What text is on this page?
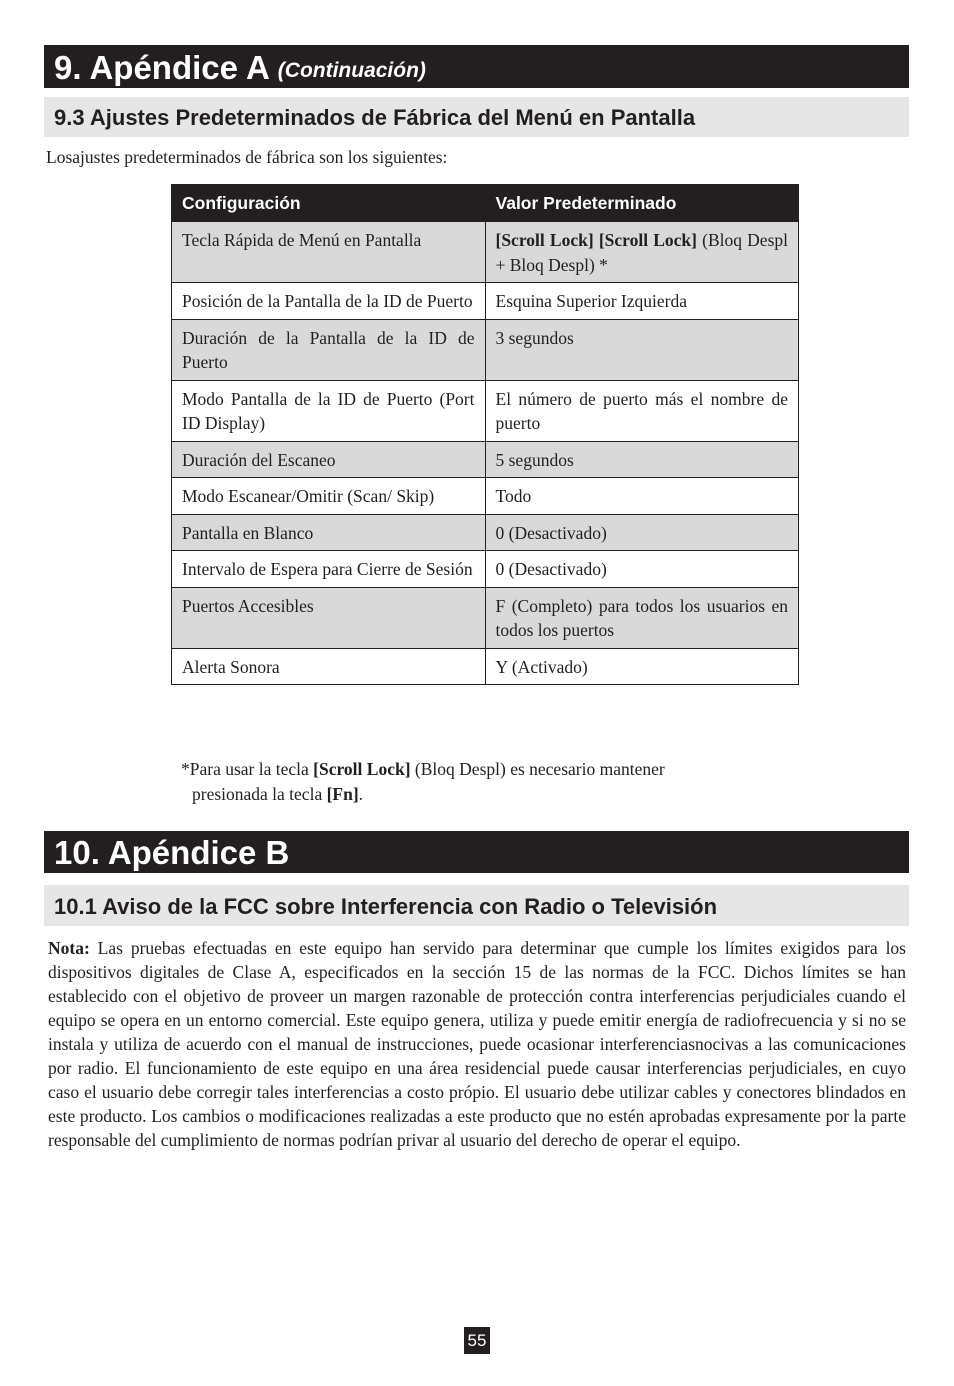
9. Apéndice A (Continuación)
9.3 Ajustes Predeterminados de Fábrica del Menú en Pantalla
Losajustes predeterminados de fábrica son los siguientes:
Configuración	Valor Predeterminado
Tecla Rápida de Menú en Pantalla	[Scroll Lock] [Scroll Lock] (Bloq Despl + Bloq Despl) *
Posición de la Pantalla de la ID de Puerto	Esquina Superior Izquierda
Duración de la Pantalla de la ID de Puerto	3 segundos
Modo Pantalla de la ID de Puerto (Port ID Display)	El número de puerto más el nombre de puerto
Duración del Escaneo	5 segundos
Modo Escanear/Omitir (Scan/ Skip)	Todo
Pantalla en Blanco	0 (Desactivado)
Intervalo de Espera para Cierre de Sesión	0 (Desactivado)
Puertos Accesibles	F (Completo) para todos los usuarios en todos los puertos
Alerta Sonora	Y (Activado)
*Para usar la tecla [Scroll Lock] (Bloq Despl) es necesario mantener
presionada la tecla [Fn].
10. Apéndice B
10.1 Aviso de la FCC sobre Interferencia con Radio o Televisión
Nota: Las pruebas efectuadas en este equipo han servido para determinar que cumple los límites exigidos para los dispositivos digitales de Clase A, especificados en la sección 15 de las normas de la FCC. Dichos límites se han establecido con el objetivo de proveer un margen razonable de protección contra interferencias perjudiciales cuando el equipo se opera en un entorno comercial. Este equipo genera, utiliza y puede emitir energía de radiofrecuencia y si no se instala y utiliza de acuerdo con el manual de instrucciones, puede ocasionar interferenciasnocivas a las comunicaciones por radio. El funcionamiento de este equipo en una área residencial puede causar interferencias perjudiciales, en cuyo caso el usuario debe corregir tales interferencias a costo própio. El usuario debe utilizar cables y conectores blindados en este producto. Los cambios o modificaciones realizadas a este producto que no estén aprobadas expresamente por la parte responsable del cumplimiento de normas podrían privar al usuario del derecho de operar el equipo.
55
